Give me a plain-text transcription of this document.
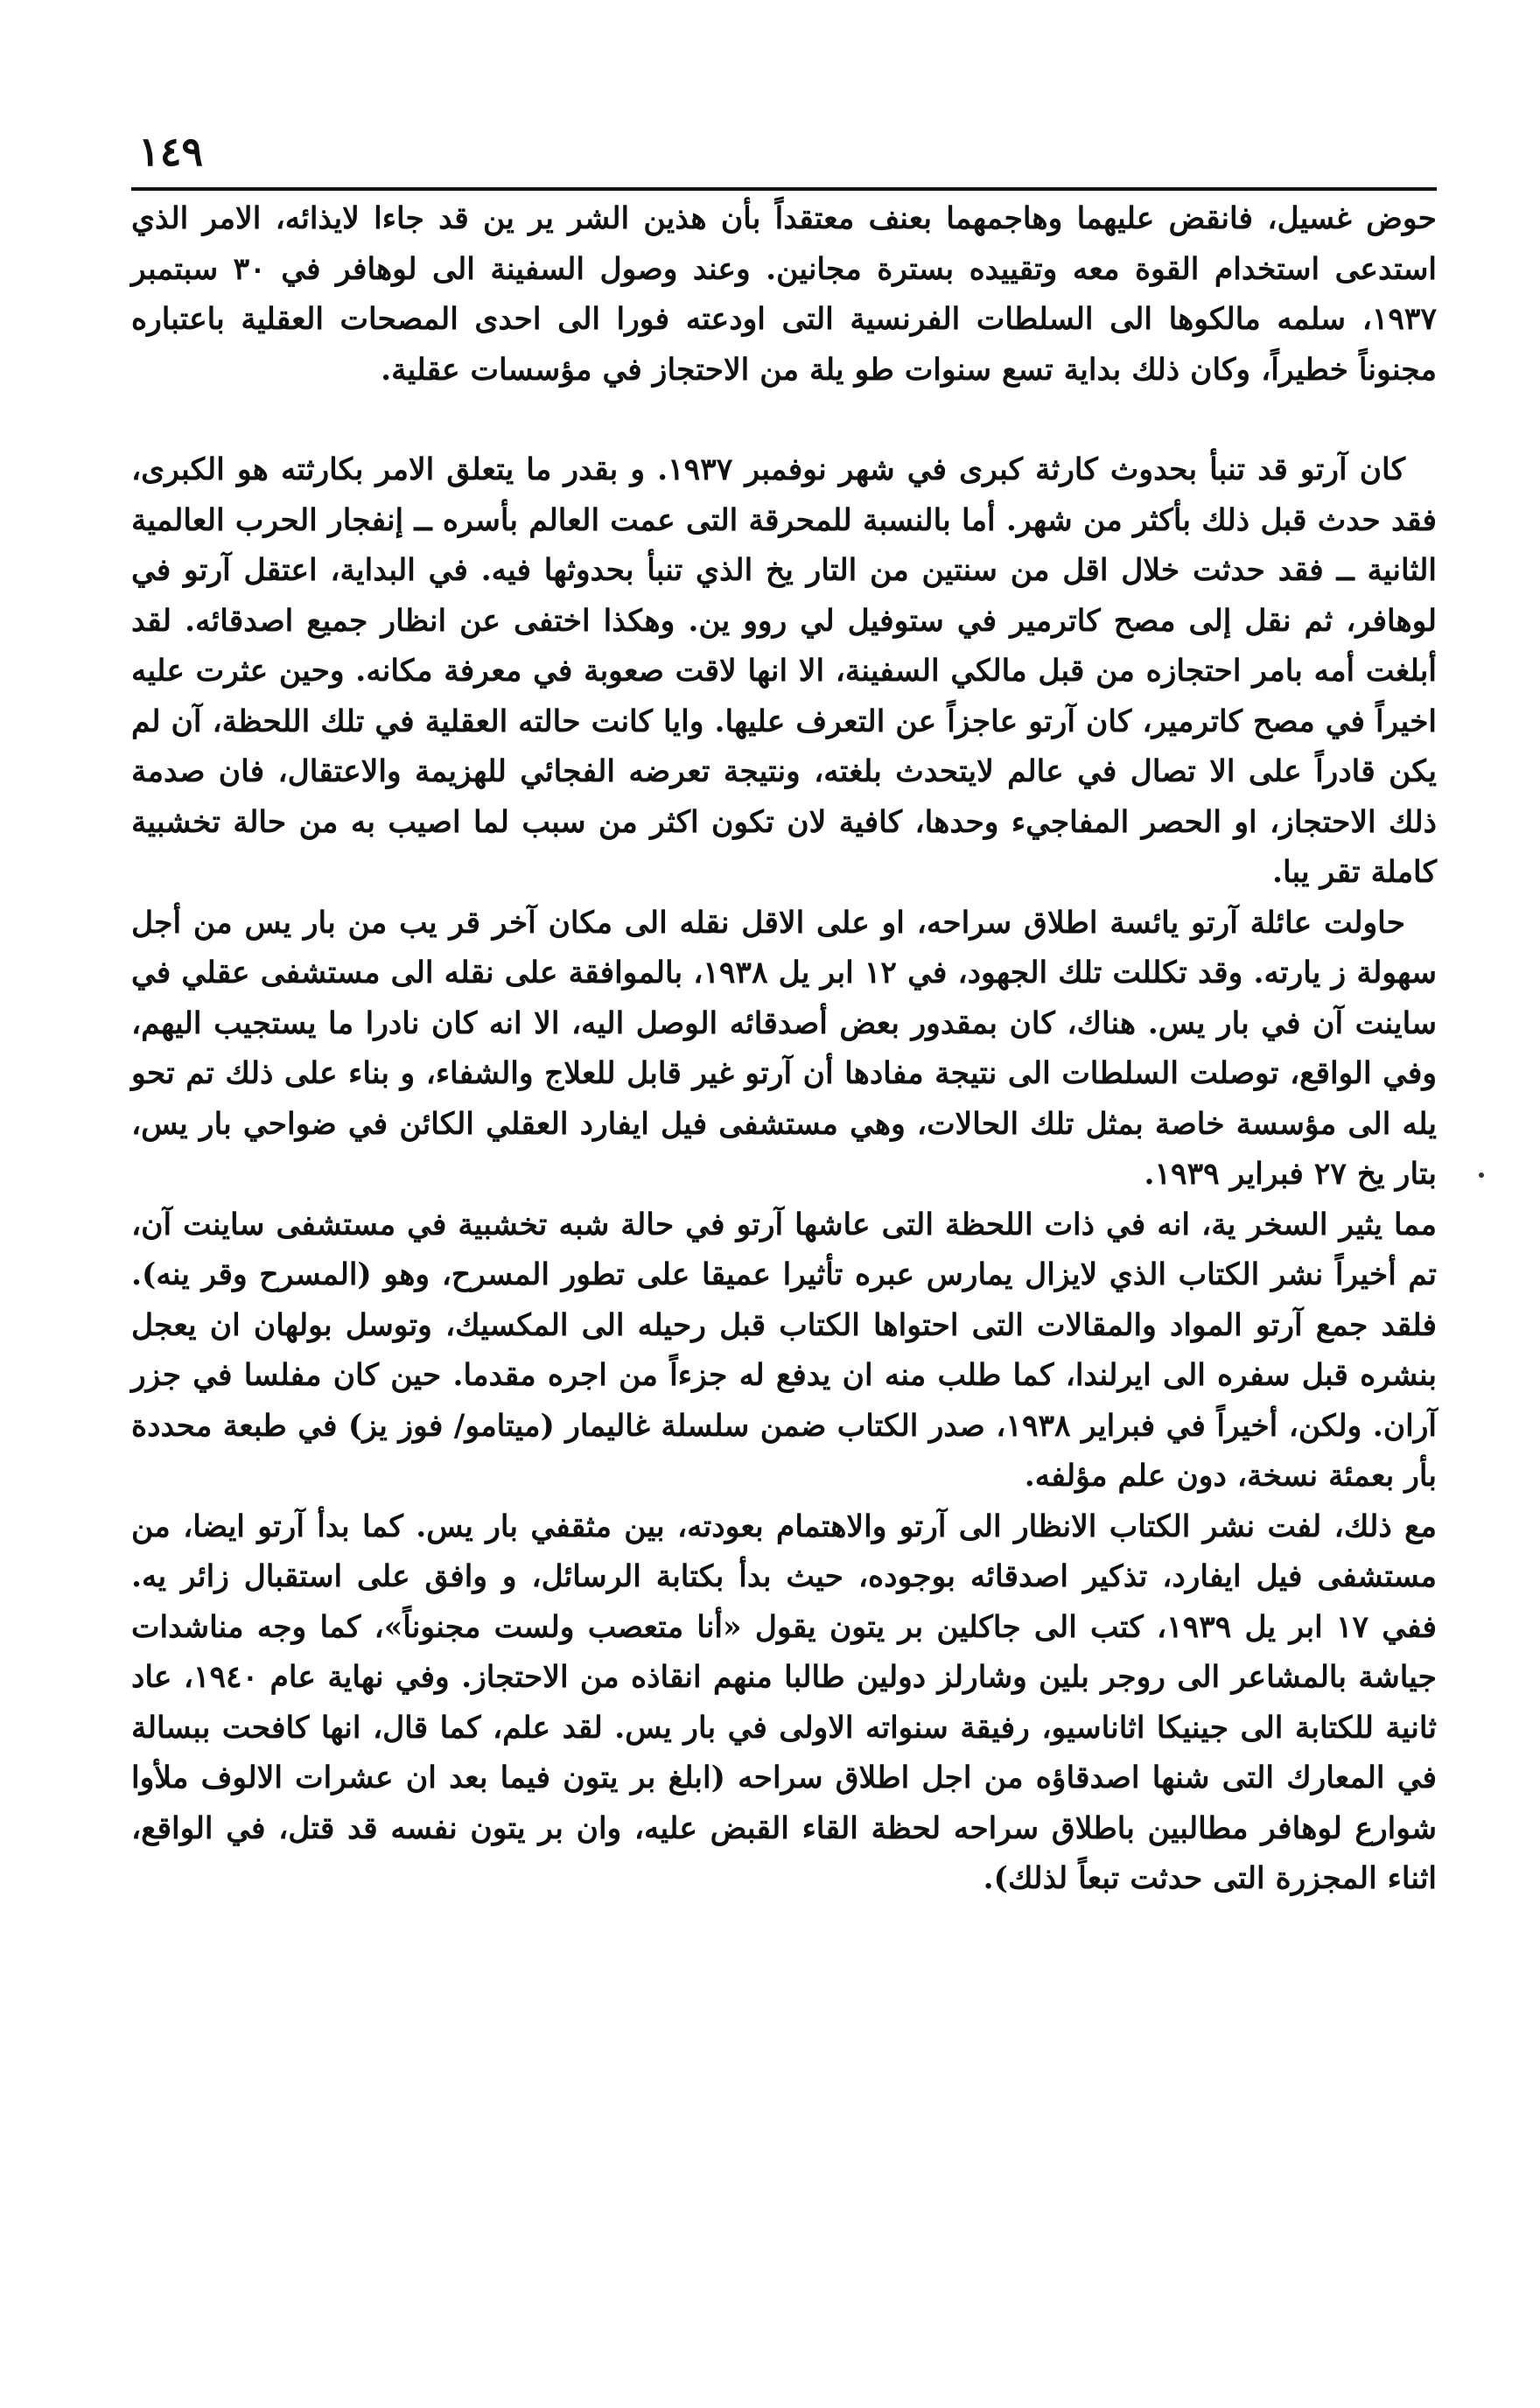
١٤٩

حوض غسيل، فانقض عليهما وهاجمهما بعنف معتقداً بأن هذين الشر ير ين قد جاءا لايذائه، الامر الذي استدعى استخدام القوة معه وتقييده بسترة مجانين. وعند وصول السفينة الى لوهافر في ٣٠ سبتمبر ١٩٣٧، سلمه مالكوها الى السلطات الفرنسية التى اودعته فورا الى احدى المصحات العقلية باعتباره مجنوناً خطيراً، وكان ذلك بداية تسع سنوات طو يلة من الاحتجاز في مؤسسات عقلية.

كان آرتو قد تنبأ بحدوث كارثة كبرى في شهر نوفمبر ١٩٣٧. و بقدر ما يتعلق الامر بكارثته هو الكبرى، فقد حدث قبل ذلك بأكثر من شهر. أما بالنسبة للمحرقة التى عمت العالم بأسره ــ إنفجار الحرب العالمية الثانية ــ فقد حدثت خلال اقل من سنتين من التار يخ الذي تنبأ بحدوثها فيه. في البداية، اعتقل آرتو في لوهافر، ثم نقل إلى مصح كاترمير في ستوفيل لي روو ين. وهكذا اختفى عن انظار جميع اصدقائه. لقد أبلغت أمه بامر احتجازه من قبل مالكي السفينة، الا انها لاقت صعوبة في معرفة مكانه. وحين عثرت عليه اخيراً في مصح كاترمير، كان آرتو عاجزاً عن التعرف عليها. وايا كانت حالته العقلية في تلك اللحظة، آن لم يكن قادراً على الا تصال في عالم لايتحدث بلغته، ونتيجة تعرضه الفجائي للهزيمة والاعتقال، فان صدمة ذلك الاحتجاز، او الحصر المفاجيء وحدها، كافية لان تكون اكثر من سبب لما اصيب به من حالة تخشبية كاملة تقر يبا.

حاولت عائلة آرتو يائسة اطلاق سراحه، او على الاقل نقله الى مكان آخر قر يب من بار يس من أجل سهولة ز يارته. وقد تكللت تلك الجهود، في ١٢ ابر يل ١٩٣٨، بالموافقة على نقله الى مستشفى عقلي في ساينت آن في بار يس. هناك، كان بمقدور بعض أصدقائه الوصل اليه، الا انه كان نادرا ما يستجيب اليهم، وفي الواقع، توصلت السلطات الى نتيجة مفادها أن آرتو غير قابل للعلاج والشفاء، و بناء على ذلك تم تحو يله الى مؤسسة خاصة بمثل تلك الحالات، وهي مستشفى فيل ايفارد العقلي الكائن في ضواحي بار يس، بتار يخ ٢٧ فبراير ١٩٣٩.

مما يثير السخر ية، انه في ذات اللحظة التى عاشها آرتو في حالة شبه تخشبية في مستشفى ساينت آن، تم أخيراً نشر الكتاب الذي لايزال يمارس عبره تأثيرا عميقا على تطور المسرح، وهو (المسرح وقر ينه). فلقد جمع آرتو المواد والمقالات التى احتواها الكتاب قبل رحيله الى المكسيك، وتوسل بولهان ان يعجل بنشره قبل سفره الى ايرلندا، كما طلب منه ان يدفع له جزءاً من اجره مقدما. حين كان مفلسا في جزر آران. ولكن، أخيراً في فبراير ١٩٣٨، صدر الكتاب ضمن سلسلة غاليمار (ميتامو/ فوز يز) في طبعة محددة بأر بعمئة نسخة، دون علم مؤلفه.

مع ذلك، لفت نشر الكتاب الانظار الى آرتو والاهتمام بعودته، بين مثقفي بار يس. كما بدأ آرتو ايضا، من مستشفى فيل ايفارد، تذكير اصدقائه بوجوده، حيث بدأ بكتابة الرسائل، و وافق على استقبال زائر يه. ففي ١٧ ابر يل ١٩٣٩، كتب الى جاكلين بر يتون يقول «أنا متعصب ولست مجنوناً»، كما وجه مناشدات جياشة بالمشاعر الى روجر بلين وشارلز دولين طالبا منهم انقاذه من الاحتجاز. وفي نهاية عام ١٩٤٠، عاد ثانية للكتابة الى جينيكا اثاناسيو، رفيقة سنواته الاولى في بار يس. لقد علم، كما قال، انها كافحت ببسالة في المعارك التى شنها اصدقاؤه من اجل اطلاق سراحه (ابلغ بر يتون فيما بعد ان عشرات الالوف ملأوا شوارع لوهافر مطالبين باطلاق سراحه لحظة القاء القبض عليه، وان بر يتون نفسه قد قتل، في الواقع، اثناء المجزرة التى حدثت تبعاً لذلك).
